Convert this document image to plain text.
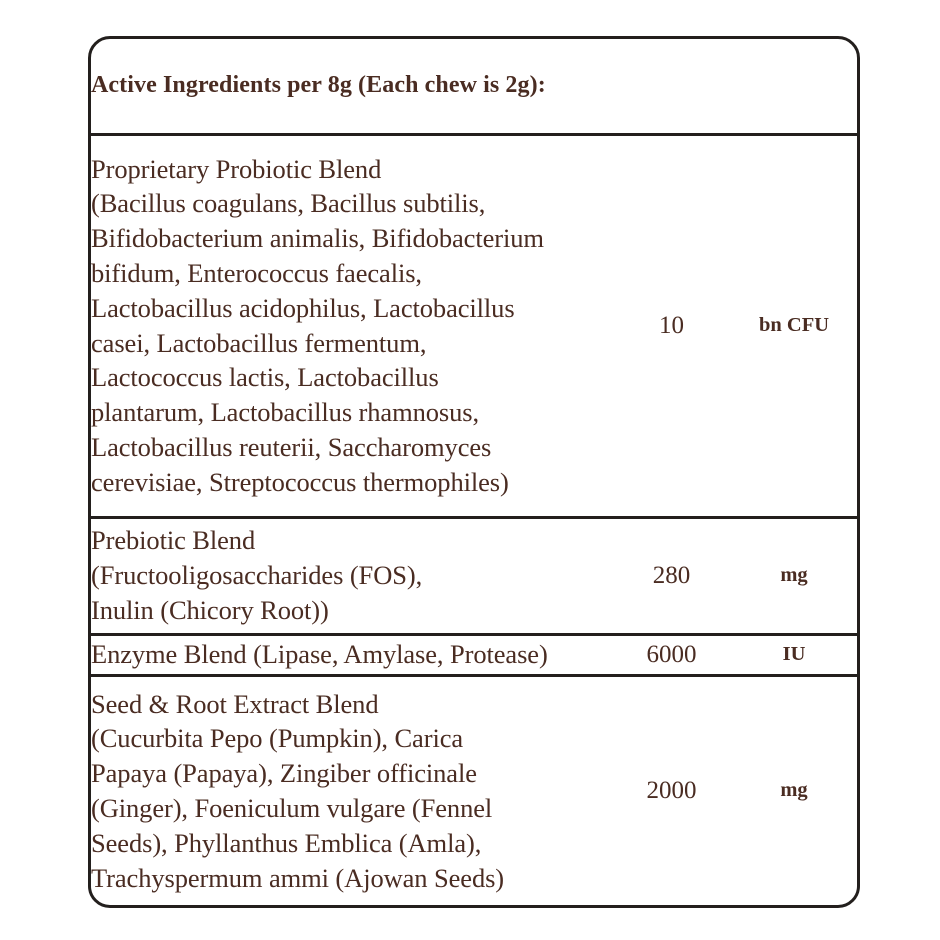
Active Ingredients per 8g (Each chew is 2g):		

Proprietary Probiotic Blend
(Bacillus coagulans, Bacillus subtilis,
Bifidobacterium animalis, Bifidobacterium
bifidum, Enterococcus faecalis,
Lactobacillus acidophilus, Lactobacillus
casei, Lactobacillus fermentum,
Lactococcus lactis, Lactobacillus
plantarum, Lactobacillus rhamnosus,
Lactobacillus reuterii, Saccharomyces
cerevisiae, Streptococcus thermophiles)
	10	bn CFU

Prebiotic Blend
(Fructooligosaccharides (FOS),
Inulin (Chicory Root))	280	mg

Enzyme Blend (Lipase, Amylase, Protease)	6000	IU

Seed & Root Extract Blend
(Cucurbita Pepo (Pumpkin), Carica
Papaya (Papaya), Zingiber officinale
(Ginger), Foeniculum vulgare (Fennel
Seeds), Phyllanthus Emblica (Amla),
Trachyspermum ammi (Ajowan Seeds)
	2000	mg
